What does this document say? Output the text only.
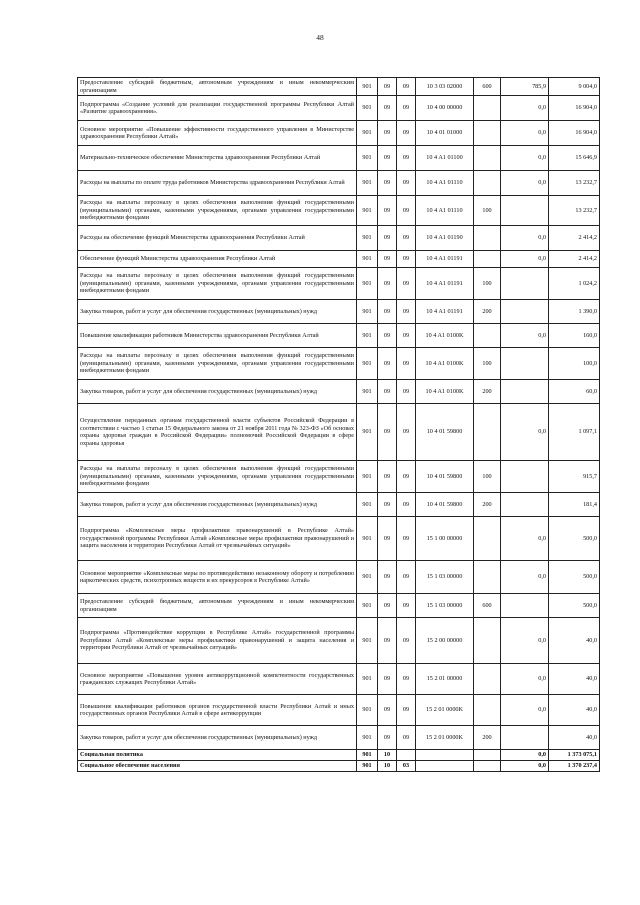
48
Предоставление субсидий бюджетным, автономным учреждениям и иным некоммерческим организациям	901	09	09	10 3 03 02000	600	785,9	9 004,0
Подпрограмма «Создание условий для реализации государственной программы Республики Алтай «Развитие здравоохранения».	901	09	09	10 4 00 00000		0,0	16 904,0
Основное мероприятие «Повышение эффективности государственного управления в Министерстве здравоохранения Республики Алтай»	901	09	09	10 4 01 01000		0,0	16 904,0
Материально-техническое обеспечение Министерства здравоохранения Республики Алтай	901	09	09	10 4 A1 01100		0,0	15 646,9
Расходы на выплаты по оплате труда работников Министерства здравоохранения Республики Алтай	901	09	09	10 4 A1 01110		0,0	13 232,7
Расходы на выплаты персоналу в целях обеспечения выполнения функций государственными (муниципальными) органами, казенными учреждениями, органами управления государственными внебюджетными фондами	901	09	09	10 4 A1 01110	100		13 232,7
Расходы на обеспечение функций Министерства здравоохранения Республики Алтай	901	09	09	10 4 A1 01190		0,0	2 414,2
Обеспечение функций Министерства здравоохранения Республики Алтай	901	09	09	10 4 A1 01191		0,0	2 414,2
Расходы на выплаты персоналу в целях обеспечения выполнения функций государственными (муниципальными) органами, казенными учреждениями, органами управления государственными внебюджетными фондами	901	09	09	10 4 A1 01191	100		1 024,2
Закупка товаров, работ и услуг для обеспечения государственных (муниципальных) нужд	901	09	09	10 4 A1 01191	200		1 390,0
Повышение квалификации работников Министерства здравоохранения Республики Алтай	901	09	09	10 4 A1 0100K		0,0	160,0
Расходы на выплаты персоналу в целях обеспечения выполнения функций государственными (муниципальными) органами, казенными учреждениями, органами управления государственными внебюджетными фондами	901	09	09	10 4 A1 0100K	100		100,0
Закупка товаров, работ и услуг для обеспечения государственных (муниципальных) нужд	901	09	09	10 4 A1 0100K	200		60,0
Осуществление переданных органам государственной власти субъектов Российской Федерации в соответствии с частью 1 статьи 15 Федерального закона от 21 ноября 2011 года № 323-ФЗ «Об основах охраны здоровья граждан в Российской Федерации» полномочий Российской Федерации в сфере охраны здоровья	901	09	09	10 4 01 59800		0,0	1 097,1
Расходы на выплаты персоналу в целях обеспечения выполнения функций государственными (муниципальными) органами, казенными учреждениями, органами управления государственными внебюджетными фондами	901	09	09	10 4 01 59800	100		915,7
Закупка товаров, работ и услуг для обеспечения государственных (муниципальных) нужд	901	09	09	10 4 01 59800	200		181,4
Подпрограмма «Комплексные меры профилактики правонарушений в Республике Алтай» государственной программы Республики Алтай «Комплексные меры профилактики правонарушений и защита населения и территории Республики Алтай от чрезвычайных ситуаций»	901	09	09	15 1 00 00000		0,0	500,0
Основное мероприятие «Комплексные меры по противодействию незаконному обороту и потреблению наркотических средств, психотропных веществ и их прекурсоров в Республике Алтай»	901	09	09	15 1 03 00000		0,0	500,0
Предоставление субсидий бюджетным, автономным учреждениям и иным некоммерческим организациям	901	09	09	15 1 03 00000	600		500,0
Подпрограмма «Противодействие коррупции в Республике Алтай» государственной программы Республики Алтай «Комплексные меры профилактики правонарушений и защита населения и территории Республики Алтай от чрезвычайных ситуаций»	901	09	09	15 2 00 00000		0,0	40,0
Основное мероприятие «Повышение уровня антикоррупционной компетентности государственных гражданских служащих Республики Алтай»	901	09	09	15 2 01 00000		0,0	40,0
Повышение квалификации работников органов государственной власти Республики Алтай и иных государственных органов Республики Алтай в сфере антикоррупции	901	09	09	15 2 01 0000K		0,0	40,0
Закупка товаров, работ и услуг для обеспечения государственных (муниципальных) нужд	901	09	09	15 2 01 0000K	200		40,0
Социальная политика	901	10				0,0	1 373 075,1
Социальное обеспечение населения	901	10	03			0,0	1 370 237,4
